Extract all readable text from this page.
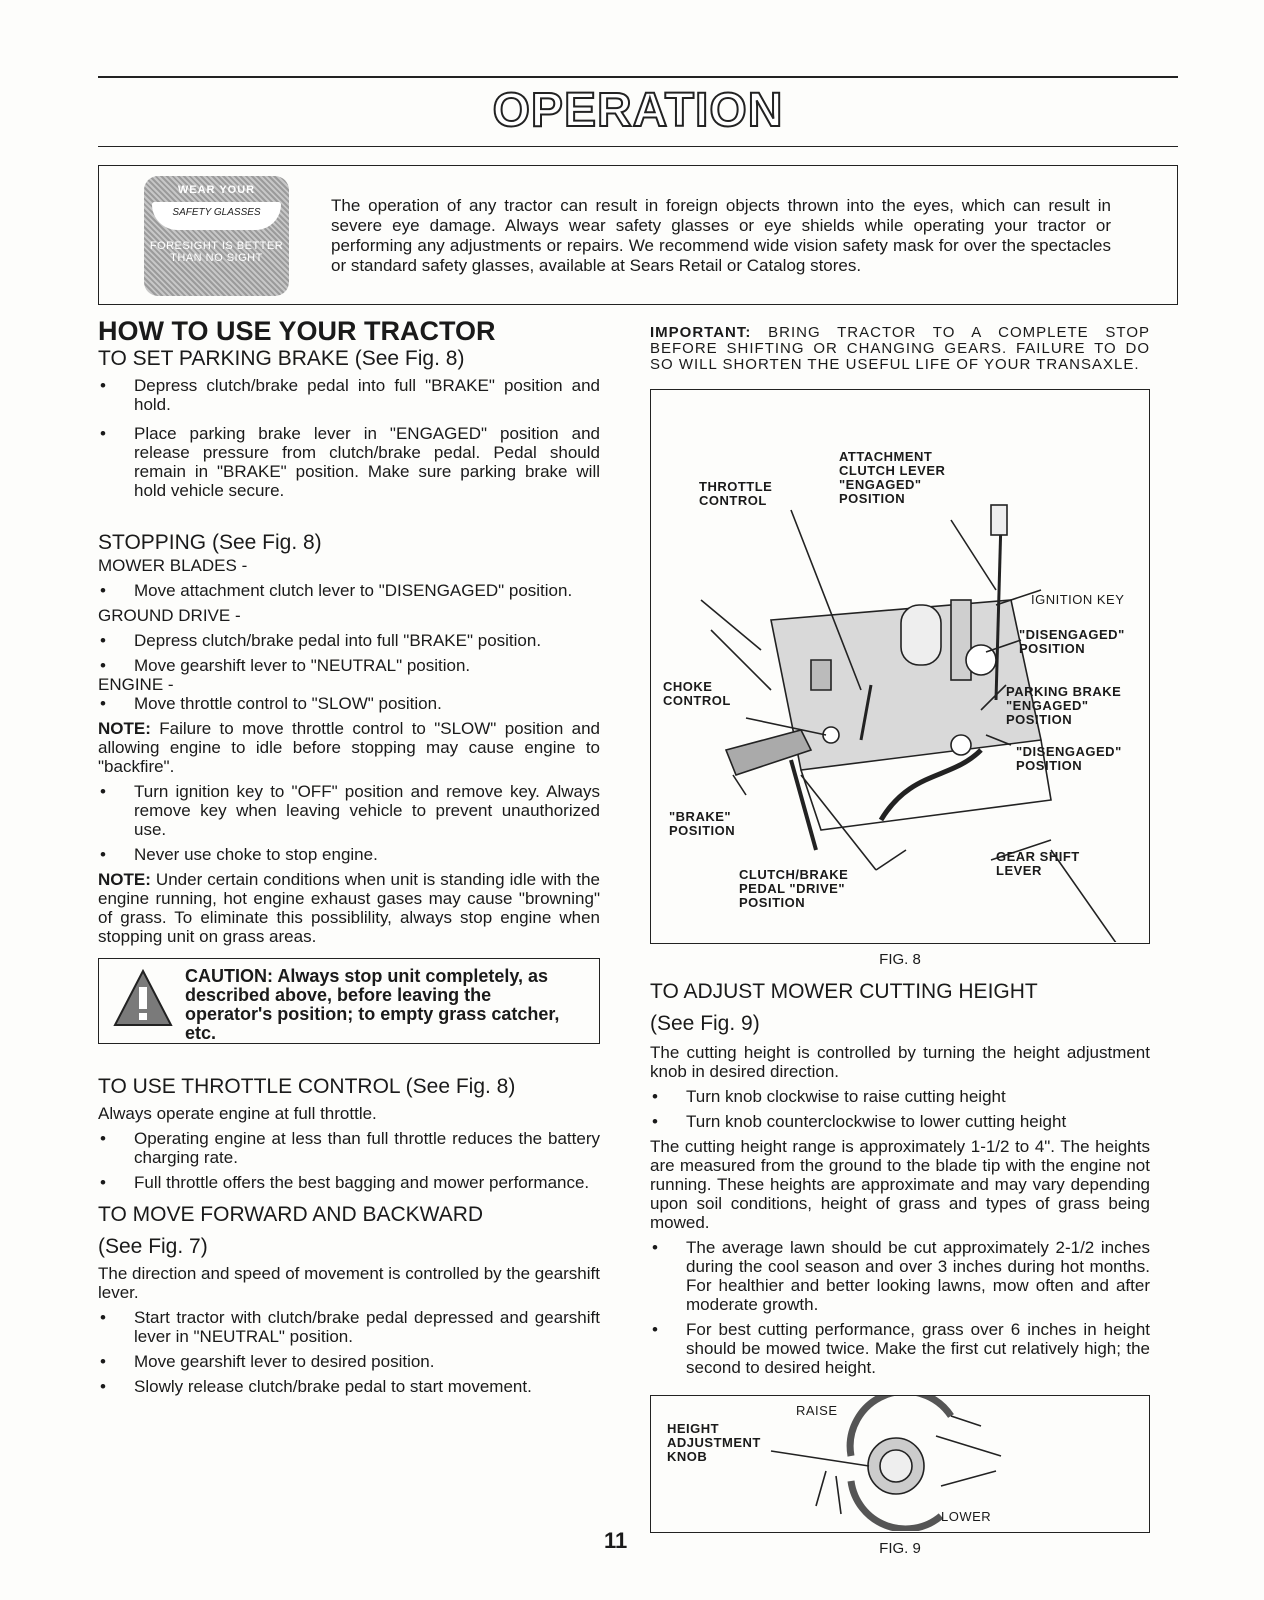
OPERATION
WEAR YOUR
SAFETY GLASSES
FORESIGHT IS BETTER
THAN NO SIGHT
The operation of any tractor can result in foreign objects thrown into the eyes, which can result in severe eye damage. Always wear safety glasses or eye shields while operating your tractor or performing any adjustments or repairs. We recommend wide vision safety mask for over the spectacles or standard safety glasses, available at Sears Retail or Catalog stores.
HOW TO USE YOUR TRACTOR
TO SET PARKING BRAKE (See Fig. 8)
• Depress clutch/brake pedal into full "BRAKE" position and hold.
• Place parking brake lever in "ENGAGED" position and release pressure from clutch/brake pedal. Pedal should remain in "BRAKE" position. Make sure parking brake will hold vehicle secure.
STOPPING (See Fig. 8)
MOWER BLADES -
• Move attachment clutch lever to "DISENGAGED" position.
GROUND DRIVE -
• Depress clutch/brake pedal into full "BRAKE" position.
• Move gearshift lever to "NEUTRAL" position.
ENGINE -
• Move throttle control to "SLOW" position.

NOTE: Failure to move throttle control to "SLOW" position and allowing engine to idle before stopping may cause engine to "backfire".

• Turn ignition key to "OFF" position and remove key. Always remove key when leaving vehicle to prevent unauthorized use.
• Never use choke to stop engine.

NOTE: Under certain conditions when unit is standing idle with the engine running, hot engine exhaust gases may cause "browning" of grass. To eliminate this possiblility, always stop engine when stopping unit on grass areas.

CAUTION: Always stop unit completely, as described above, before leaving the operator's position; to empty grass catcher, etc.
TO USE THROTTLE CONTROL (See Fig. 8)

Always operate engine at full throttle.

• Operating engine at less than full throttle reduces the battery charging rate.
• Full throttle offers the best bagging and mower performance.
TO MOVE FORWARD AND BACKWARD
(See Fig. 7)

The direction and speed of movement is controlled by the gearshift lever.

• Start tractor with clutch/brake pedal depressed and gearshift lever in "NEUTRAL" position.
• Move gearshift lever to desired position.
• Slowly release clutch/brake pedal to start movement.
11

IMPORTANT: BRING TRACTOR TO A COMPLETE STOP BEFORE SHIFTING OR CHANGING GEARS. FAILURE TO DO SO WILL SHORTEN THE USEFUL LIFE OF YOUR TRANSAXLE.

ATTACHMENT
CLUTCH LEVER
"ENGAGED"
POSITION
THROTTLE
CONTROL
IGNITION KEY
"DISENGAGED"
POSITION
CHOKE
CONTROL
PARKING BRAKE
"ENGAGED"
POSITION
"DISENGAGED"
POSITION
"BRAKE"
POSITION
GEAR SHIFT
LEVER
CLUTCH/BRAKE
PEDAL "DRIVE"
POSITION
FIG. 8
TO ADJUST MOWER CUTTING HEIGHT
(See Fig. 9)

The cutting height is controlled by turning the height adjustment knob in desired direction.

• Turn knob clockwise to raise cutting height
• Turn knob counterclockwise to lower cutting height

The cutting height range is approximately 1-1/2 to 4". The heights are measured from the ground to the blade tip with the engine not running. These heights are approximate and may vary depending upon soil conditions, height of grass and types of grass being mowed.

• The average lawn should be cut approximately 2-1/2 inches during the cool season and over 3 inches during hot months. For healthier and better looking lawns, mow often and after moderate growth.
• For best cutting performance, grass over 6 inches in height should be mowed twice. Make the first cut relatively high; the second to desired height.
RAISE
HEIGHT
ADJUSTMENT
KNOB
LOWER
FIG. 9
